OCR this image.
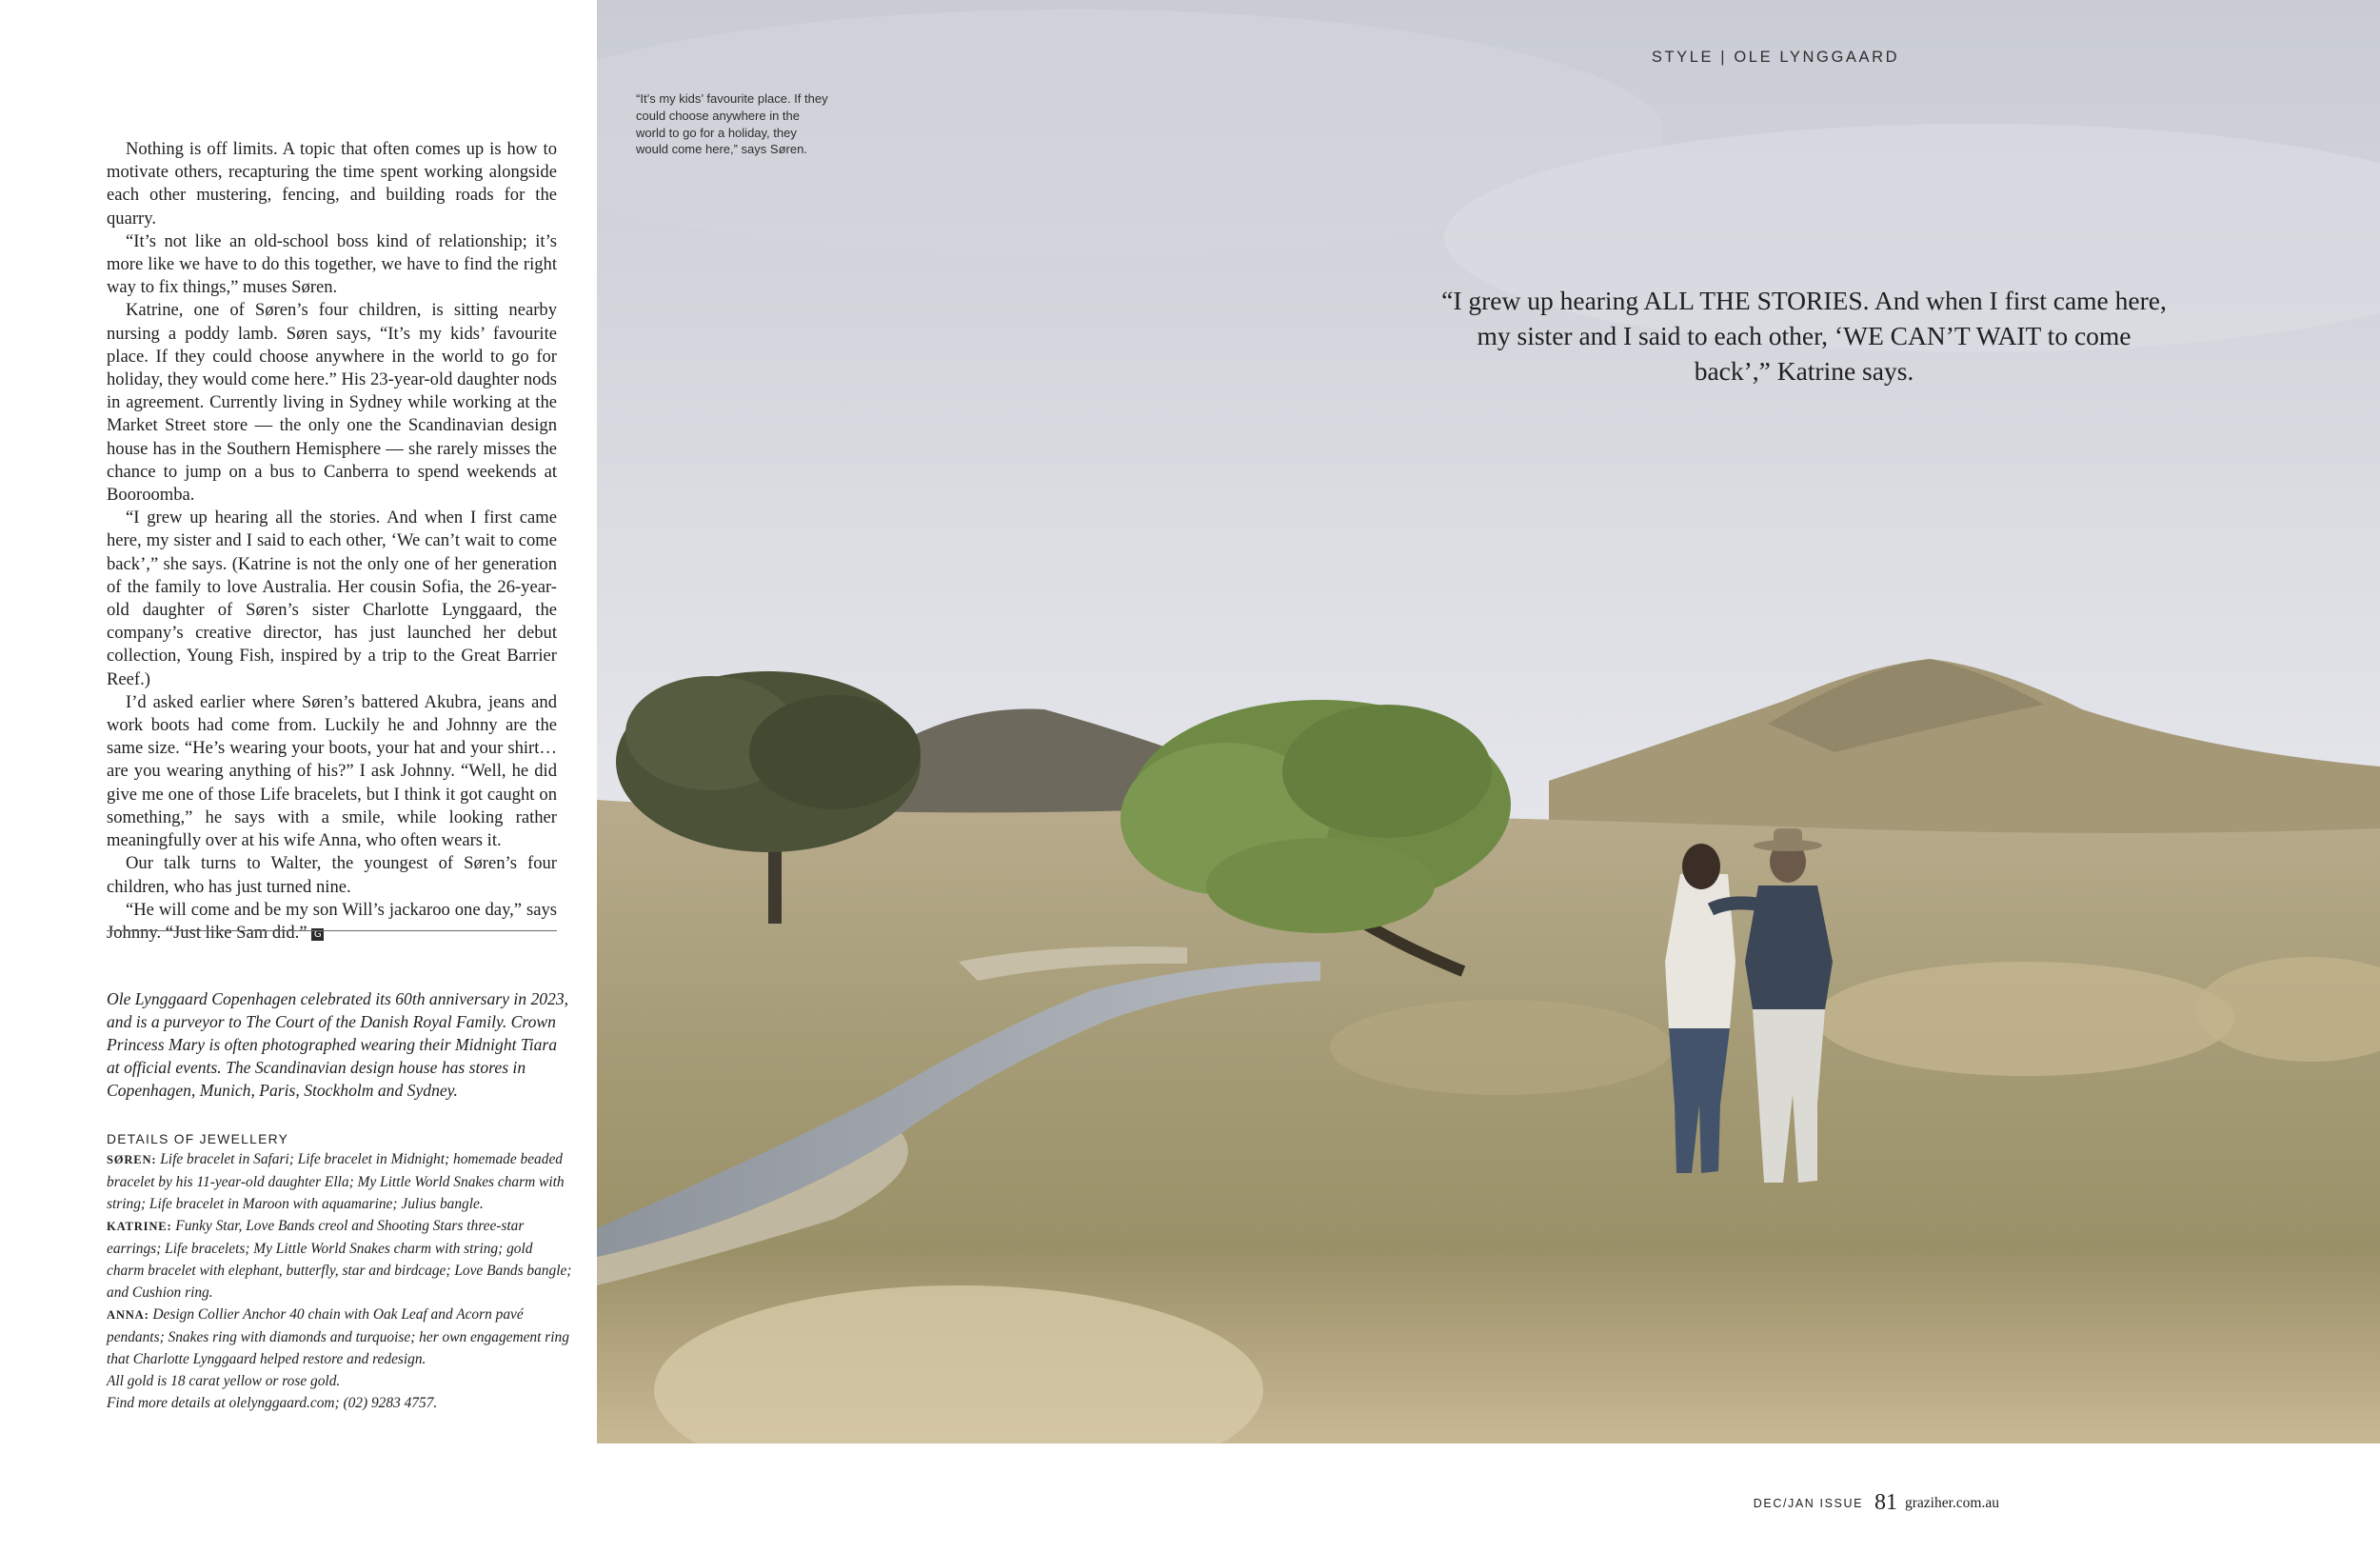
Nothing is off limits. A topic that often comes up is how to motivate others, recapturing the time spent working alongside each other mustering, fencing, and building roads for the quarry.

“It’s not like an old-school boss kind of relationship; it’s more like we have to do this together, we have to find the right way to fix things,” muses Søren.

Katrine, one of Søren’s four children, is sitting nearby nursing a poddy lamb. Søren says, “It’s my kids’ favourite place. If they could choose anywhere in the world to go for holiday, they would come here.” His 23-year-old daughter nods in agreement. Currently living in Sydney while working at the Market Street store — the only one the Scandinavian design house has in the Southern Hemisphere — she rarely misses the chance to jump on a bus to Canberra to spend weekends at Booroomba.

“I grew up hearing all the stories. And when I first came here, my sister and I said to each other, ‘We can’t wait to come back’,” she says. (Katrine is not the only one of her generation of the family to love Australia. Her cousin Sofia, the 26-year-old daughter of Søren’s sister Charlotte Lynggaard, the company’s creative director, has just launched her debut collection, Young Fish, inspired by a trip to the Great Barrier Reef.)

I’d asked earlier where Søren’s battered Akubra, jeans and work boots had come from. Luckily he and Johnny are the same size. “He’s wearing your boots, your hat and your shirt… are you wearing anything of his?” I ask Johnny. “Well, he did give me one of those Life bracelets, but I think it got caught on something,” he says with a smile, while looking rather meaningfully over at his wife Anna, who often wears it.

Our talk turns to Walter, the youngest of Søren’s four children, who has just turned nine.

“He will come and be my son Will’s jackaroo one day,” says Johnny. “Just like Sam did.” G

Ole Lynggaard Copenhagen celebrated its 60th anniversary in 2023, and is a purveyor to The Court of the Danish Royal Family. Crown Princess Mary is often photographed wearing their Midnight Tiara at official events. The Scandinavian design house has stores in Copenhagen, Munich, Paris, Stockholm and Sydney.

DETAILS OF JEWELLERY

SØREN: Life bracelet in Safari; Life bracelet in Midnight; homemade beaded bracelet by his 11-year-old daughter Ella; My Little World Snakes charm with string; Life bracelet in Maroon with aquamarine; Julius bangle.

KATRINE: Funky Star, Love Bands creol and Shooting Stars three-star earrings; Life bracelets; My Little World Snakes charm with string; gold charm bracelet with elephant, butterfly, star and birdcage; Love Bands bangle; and Cushion ring.

ANNA: Design Collier Anchor 40 chain with Oak Leaf and Acorn pavé pendants; Snakes ring with diamonds and turquoise; her own engagement ring that Charlotte Lynggaard helped restore and redesign.

All gold is 18 carat yellow or rose gold.

Find more details at olelynggaard.com; (02) 9283 4757.

STYLE | OLE LYNGGAARD
“It’s my kids’ favourite place. If they could choose anywhere in the world to go for a holiday, they would come here,” says Søren.
“I grew up hearing ALL THE STORIES. And when I first came here, my sister and I said to each other, ‘WE CAN’T WAIT to come back’,” Katrine says.
DEC/JAN ISSUE 81 graziher.com.au
